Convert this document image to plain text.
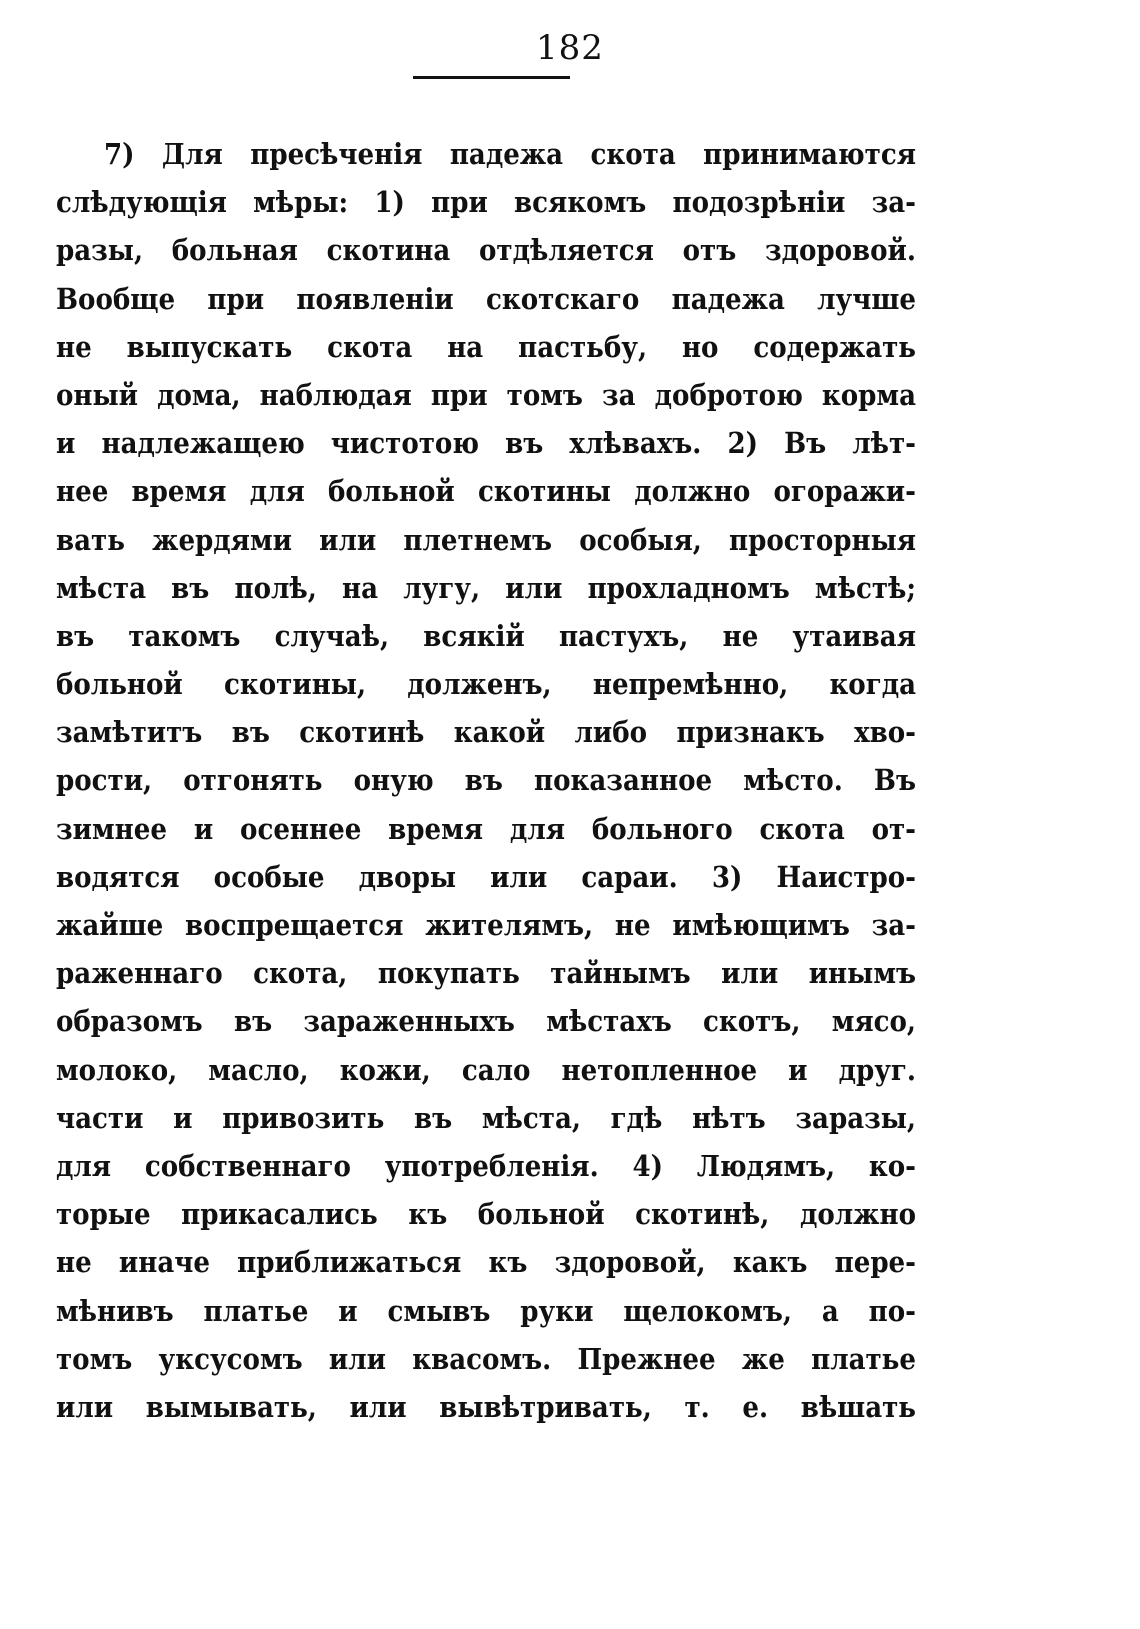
182
7) Для пресѣченія падежа скота принимаются
слѣдующія мѣры: 1) при всякомъ подозрѣніи за-
разы, больная скотина отдѣляется отъ здоровой.
Вообще при появленіи скотскаго падежа лучше
не выпускать скота на пастьбу, но содержать
оный дома, наблюдая при томъ за добротою корма
и надлежащею чистотою въ хлѣвахъ. 2) Въ лѣт-
нее время для больной скотины должно огоражи-
вать жердями или плетнемъ особыя, просторныя
мѣста въ полѣ, на лугу, или прохладномъ мѣстѣ;
въ такомъ случаѣ, всякій пастухъ, не утаивая
больной скотины, долженъ, непремѣнно, когда
замѣтитъ въ скотинѣ какой либо признакъ хво-
рости, отгонять оную въ показанное мѣсто. Въ
зимнее и осеннее время для больного скота от-
водятся особые дворы или сараи. 3) Наистро-
жайше воспрещается жителямъ, не имѣющимъ за-
раженнаго скота, покупать тайнымъ или инымъ
образомъ въ зараженныхъ мѣстахъ скотъ, мясо,
молоко, масло, кожи, сало нетопленное и друг.
части и привозить въ мѣста, гдѣ нѣтъ заразы,
для собственнаго употребленія. 4) Людямъ, ко-
торые прикасались къ больной скотинѣ, должно
не иначе приближаться къ здоровой, какъ пере-
мѣнивъ платье и смывъ руки щелокомъ, а по-
томъ уксусомъ или квасомъ. Прежнее же платье
или вымывать, или вывѣтривать, т. е. вѣшать
